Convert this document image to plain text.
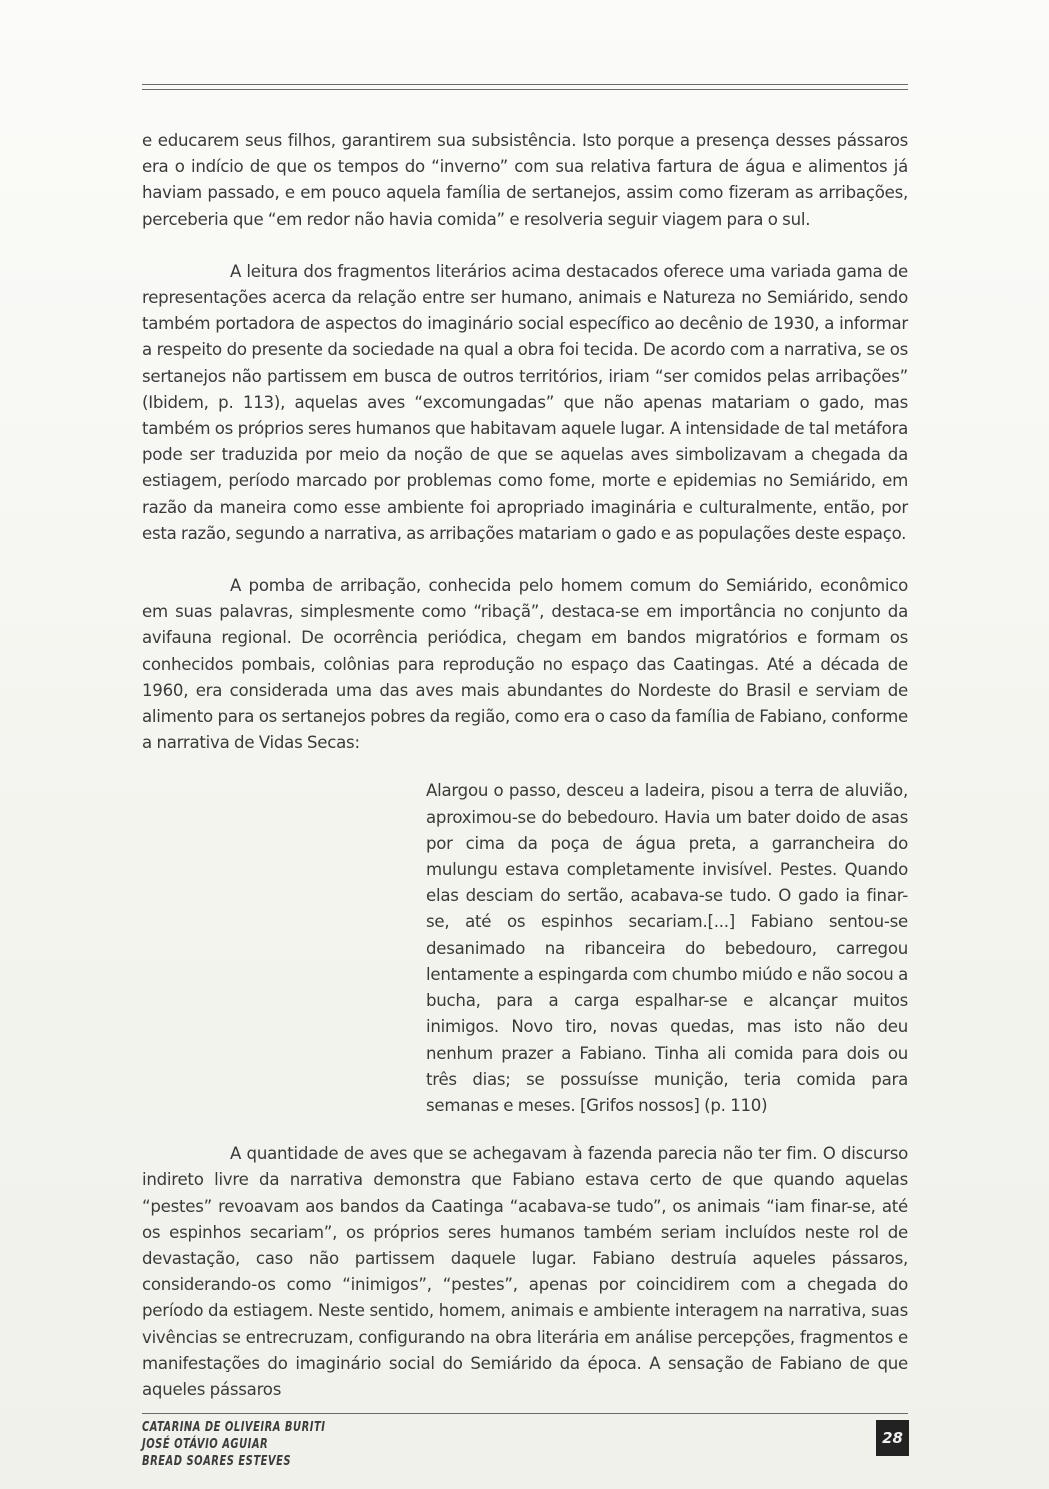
e educarem seus filhos, garantirem sua subsistência. Isto porque a presença desses pássaros era o indício de que os tempos do “inverno” com sua relativa fartura de água e alimentos já haviam passado, e em pouco aquela família de sertanejos, assim como fizeram as arribações, perceberia que “em redor não havia comida” e resolveria seguir viagem para o sul.

A leitura dos fragmentos literários acima destacados oferece uma variada gama de representações acerca da relação entre ser humano, animais e Natureza no Semiárido, sendo também portadora de aspectos do imaginário social específico ao decênio de 1930, a informar a respeito do presente da sociedade na qual a obra foi tecida. De acordo com a narrativa, se os sertanejos não partissem em busca de outros territórios, iriam “ser comidos pelas arribações” (Ibidem, p. 113), aquelas aves “excomungadas” que não apenas matariam o gado, mas também os próprios seres humanos que habitavam aquele lugar. A intensidade de tal metáfora pode ser traduzida por meio da noção de que se aquelas aves simbolizavam a chegada da estiagem, período marcado por problemas como fome, morte e epidemias no Semiárido, em razão da maneira como esse ambiente foi apropriado imaginária e culturalmente, então, por esta razão, segundo a narrativa, as arribações matariam o gado e as populações deste espaço.

A pomba de arribação, conhecida pelo homem comum do Semiárido, econômico em suas palavras, simplesmente como “ribaçã”, destaca-se em importância no conjunto da avifauna regional. De ocorrência periódica, chegam em bandos migratórios e formam os conhecidos pombais, colônias para reprodução no espaço das Caatingas. Até a década de 1960, era considerada uma das aves mais abundantes do Nordeste do Brasil e serviam de alimento para os sertanejos pobres da região, como era o caso da família de Fabiano, conforme a narrativa de Vidas Secas:

Alargou o passo, desceu a ladeira, pisou a terra de aluvião, aproximou-se do bebedouro. Havia um bater doido de asas por cima da poça de água preta, a garrancheira do mulungu estava completamente invisível. Pestes. Quando elas desciam do sertão, acabava-se tudo. O gado ia finar-se, até os espinhos secariam.[...] Fabiano sentou-se desanimado na ribanceira do bebedouro, carregou lentamente a espingarda com chumbo miúdo e não socou a bucha, para a carga espalhar-se e alcançar muitos inimigos. Novo tiro, novas quedas, mas isto não deu nenhum prazer a Fabiano. Tinha ali comida para dois ou três dias; se possuísse munição, teria comida para semanas e meses. [Grifos nossos] (p. 110)

A quantidade de aves que se achegavam à fazenda parecia não ter fim. O discurso indireto livre da narrativa demonstra que Fabiano estava certo de que quando aquelas “pestes” revoavam aos bandos da Caatinga “acabava-se tudo”, os animais “iam finar-se, até os espinhos secariam”, os próprios seres humanos também seriam incluídos neste rol de devastação, caso não partissem daquele lugar. Fabiano destruía aqueles pássaros, considerando-os como “inimigos”, “pestes”, apenas por coincidirem com a chegada do período da estiagem. Neste sentido, homem, animais e ambiente interagem na narrativa, suas vivências se entrecruzam, configurando na obra literária em análise percepções, fragmentos e manifestações do imaginário social do Semiárido da época. A sensação de Fabiano de que aqueles pássaros

CATARINA DE OLIVEIRA BURITI
JOSÉ OTÁVIO AGUIAR
BREAD SOARES ESTEVES
28
